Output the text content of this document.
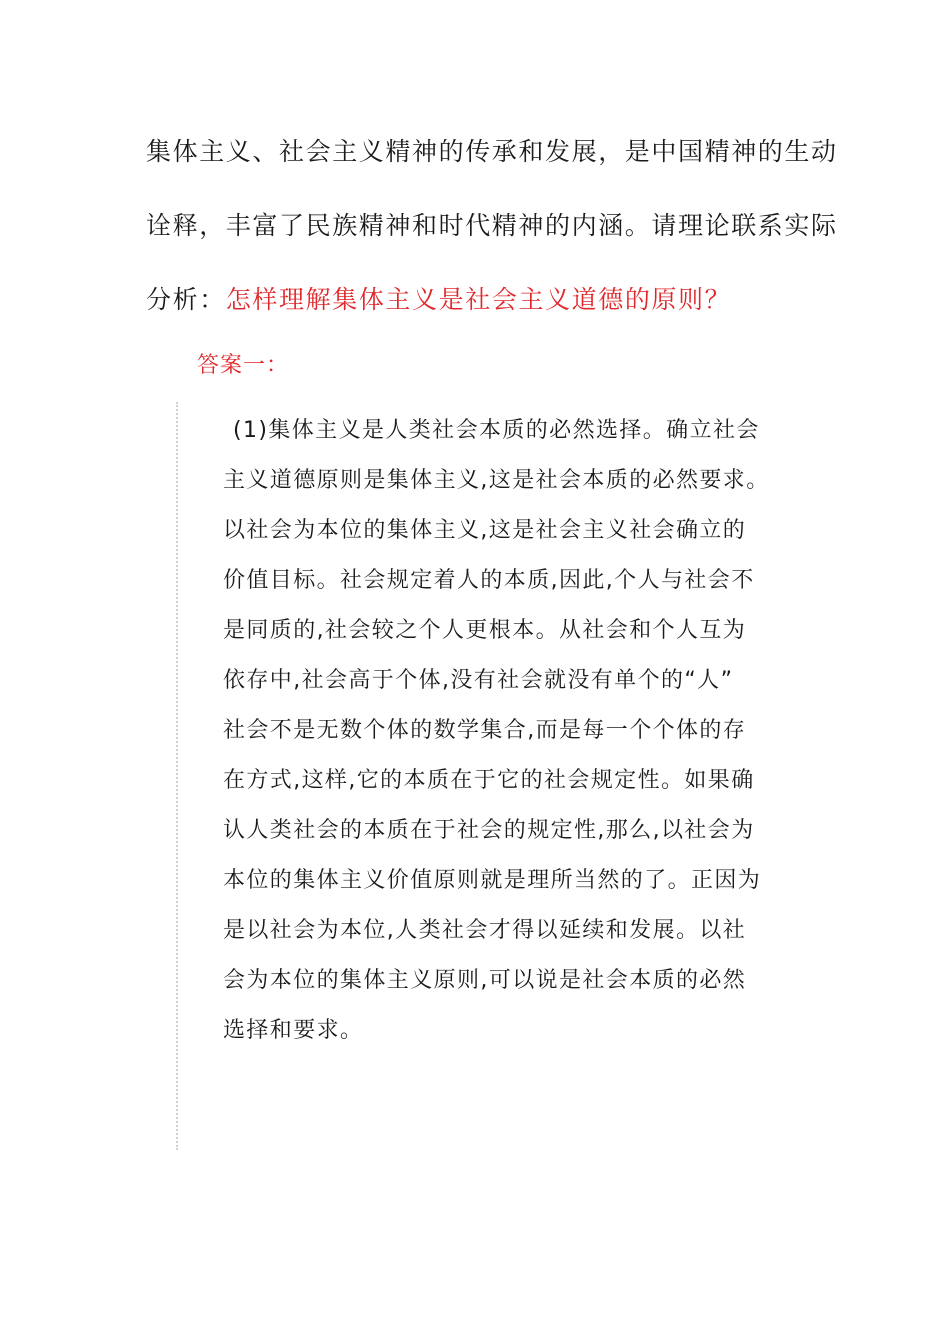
集体主义、社会主义精神的传承和发展，是中国精神的生动
诠释，丰富了民族精神和时代精神的内涵。请理论联系实际
分析：怎样理解集体主义是社会主义道德的原则？
答案一：
(1)集体主义是人类社会本质的必然选择。确立社会
主义道德原则是集体主义,这是社会本质的必然要求。
以社会为本位的集体主义,这是社会主义社会确立的
价值目标。社会规定着人的本质,因此,个人与社会不
是同质的,社会较之个人更根本。从社会和个人互为
依存中,社会高于个体,没有社会就没有单个的“人”
社会不是无数个体的数学集合,而是每一个个体的存
在方式,这样,它的本质在于它的社会规定性。如果确
认人类社会的本质在于社会的规定性,那么,以社会为
本位的集体主义价值原则就是理所当然的了。正因为
是以社会为本位,人类社会才得以延续和发展。以社
会为本位的集体主义原则,可以说是社会本质的必然
选择和要求。
